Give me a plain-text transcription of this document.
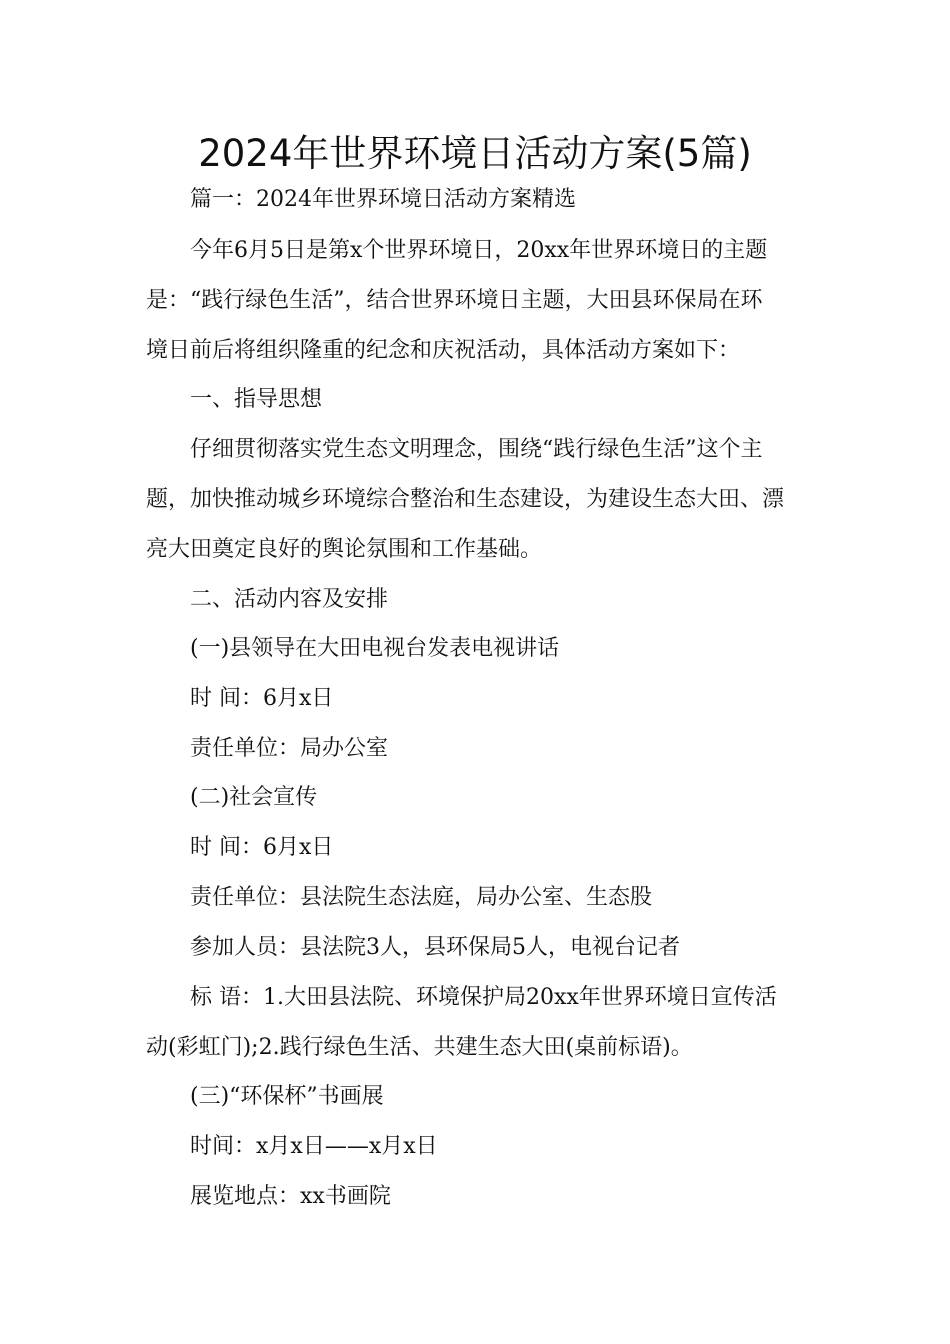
2024年世界环境日活动方案(5篇)
篇一：2024年世界环境日活动方案精选
今年6月5日是第x个世界环境日，20xx年世界环境日的主题
是：“践行绿色生活”，结合世界环境日主题，大田县环保局在环
境日前后将组织隆重的纪念和庆祝活动，具体活动方案如下：
一、指导思想
仔细贯彻落实党生态文明理念，围绕“践行绿色生活”这个主
题，加快推动城乡环境综合整治和生态建设，为建设生态大田、漂
亮大田奠定良好的舆论氛围和工作基础。
二、活动内容及安排
(一)县领导在大田电视台发表电视讲话
时 间：6月x日
责任单位：局办公室
(二)社会宣传
时 间：6月x日
责任单位：县法院生态法庭，局办公室、生态股
参加人员：县法院3人，县环保局5人，电视台记者
标 语：1.大田县法院、环境保护局20xx年世界环境日宣传活
动(彩虹门);2.践行绿色生活、共建生态大田(桌前标语)。
(三)“环保杯”书画展
时间：x月x日——x月x日
展览地点：xx书画院
